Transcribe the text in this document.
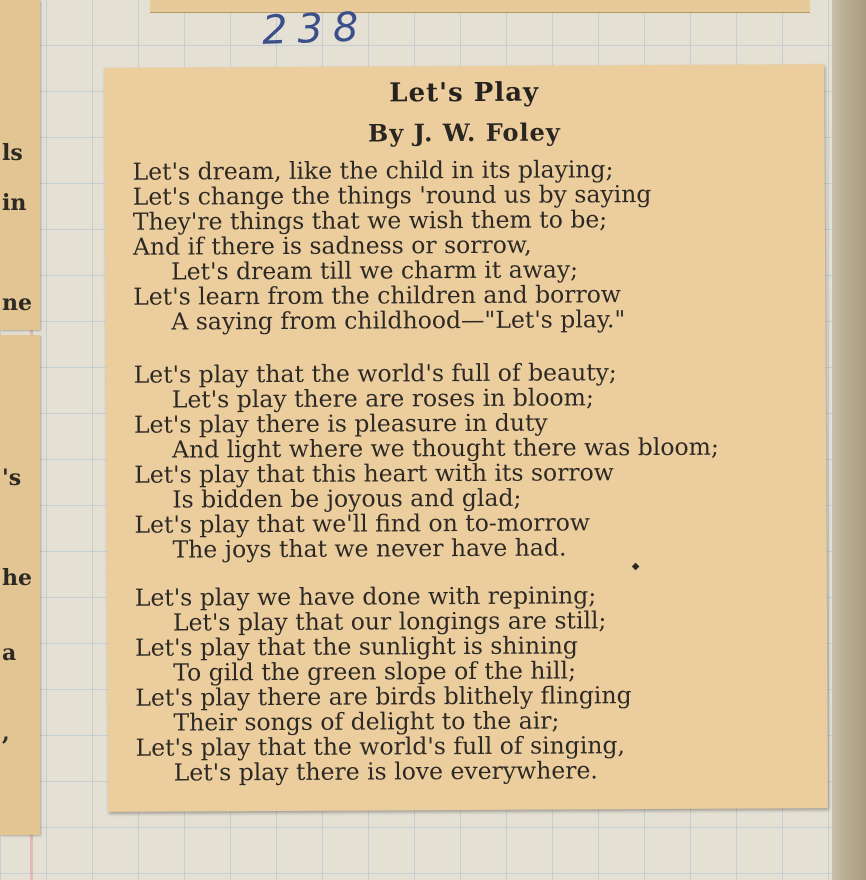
238
ls
in
ne
's
he
a
,
Let's Play
By J. W. Foley
Let's dream, like the child in its playing;
Let's change the things 'round us by saying
They're things that we wish them to be;
And if there is sadness or sorrow,
Let's dream till we charm it away;
Let's learn from the children and borrow
A saying from childhood—"Let's play."
Let's play that the world's full of beauty;
Let's play there are roses in bloom;
Let's play there is pleasure in duty
And light where we thought there was bloom;
Let's play that this heart with its sorrow
Is bidden be joyous and glad;
Let's play that we'll find on to-morrow
The joys that we never have had.
◆
Let's play we have done with repining;
Let's play that our longings are still;
Let's play that the sunlight is shining
To gild the green slope of the hill;
Let's play there are birds blithely flinging
Their songs of delight to the air;
Let's play that the world's full of singing,
Let's play there is love everywhere.
